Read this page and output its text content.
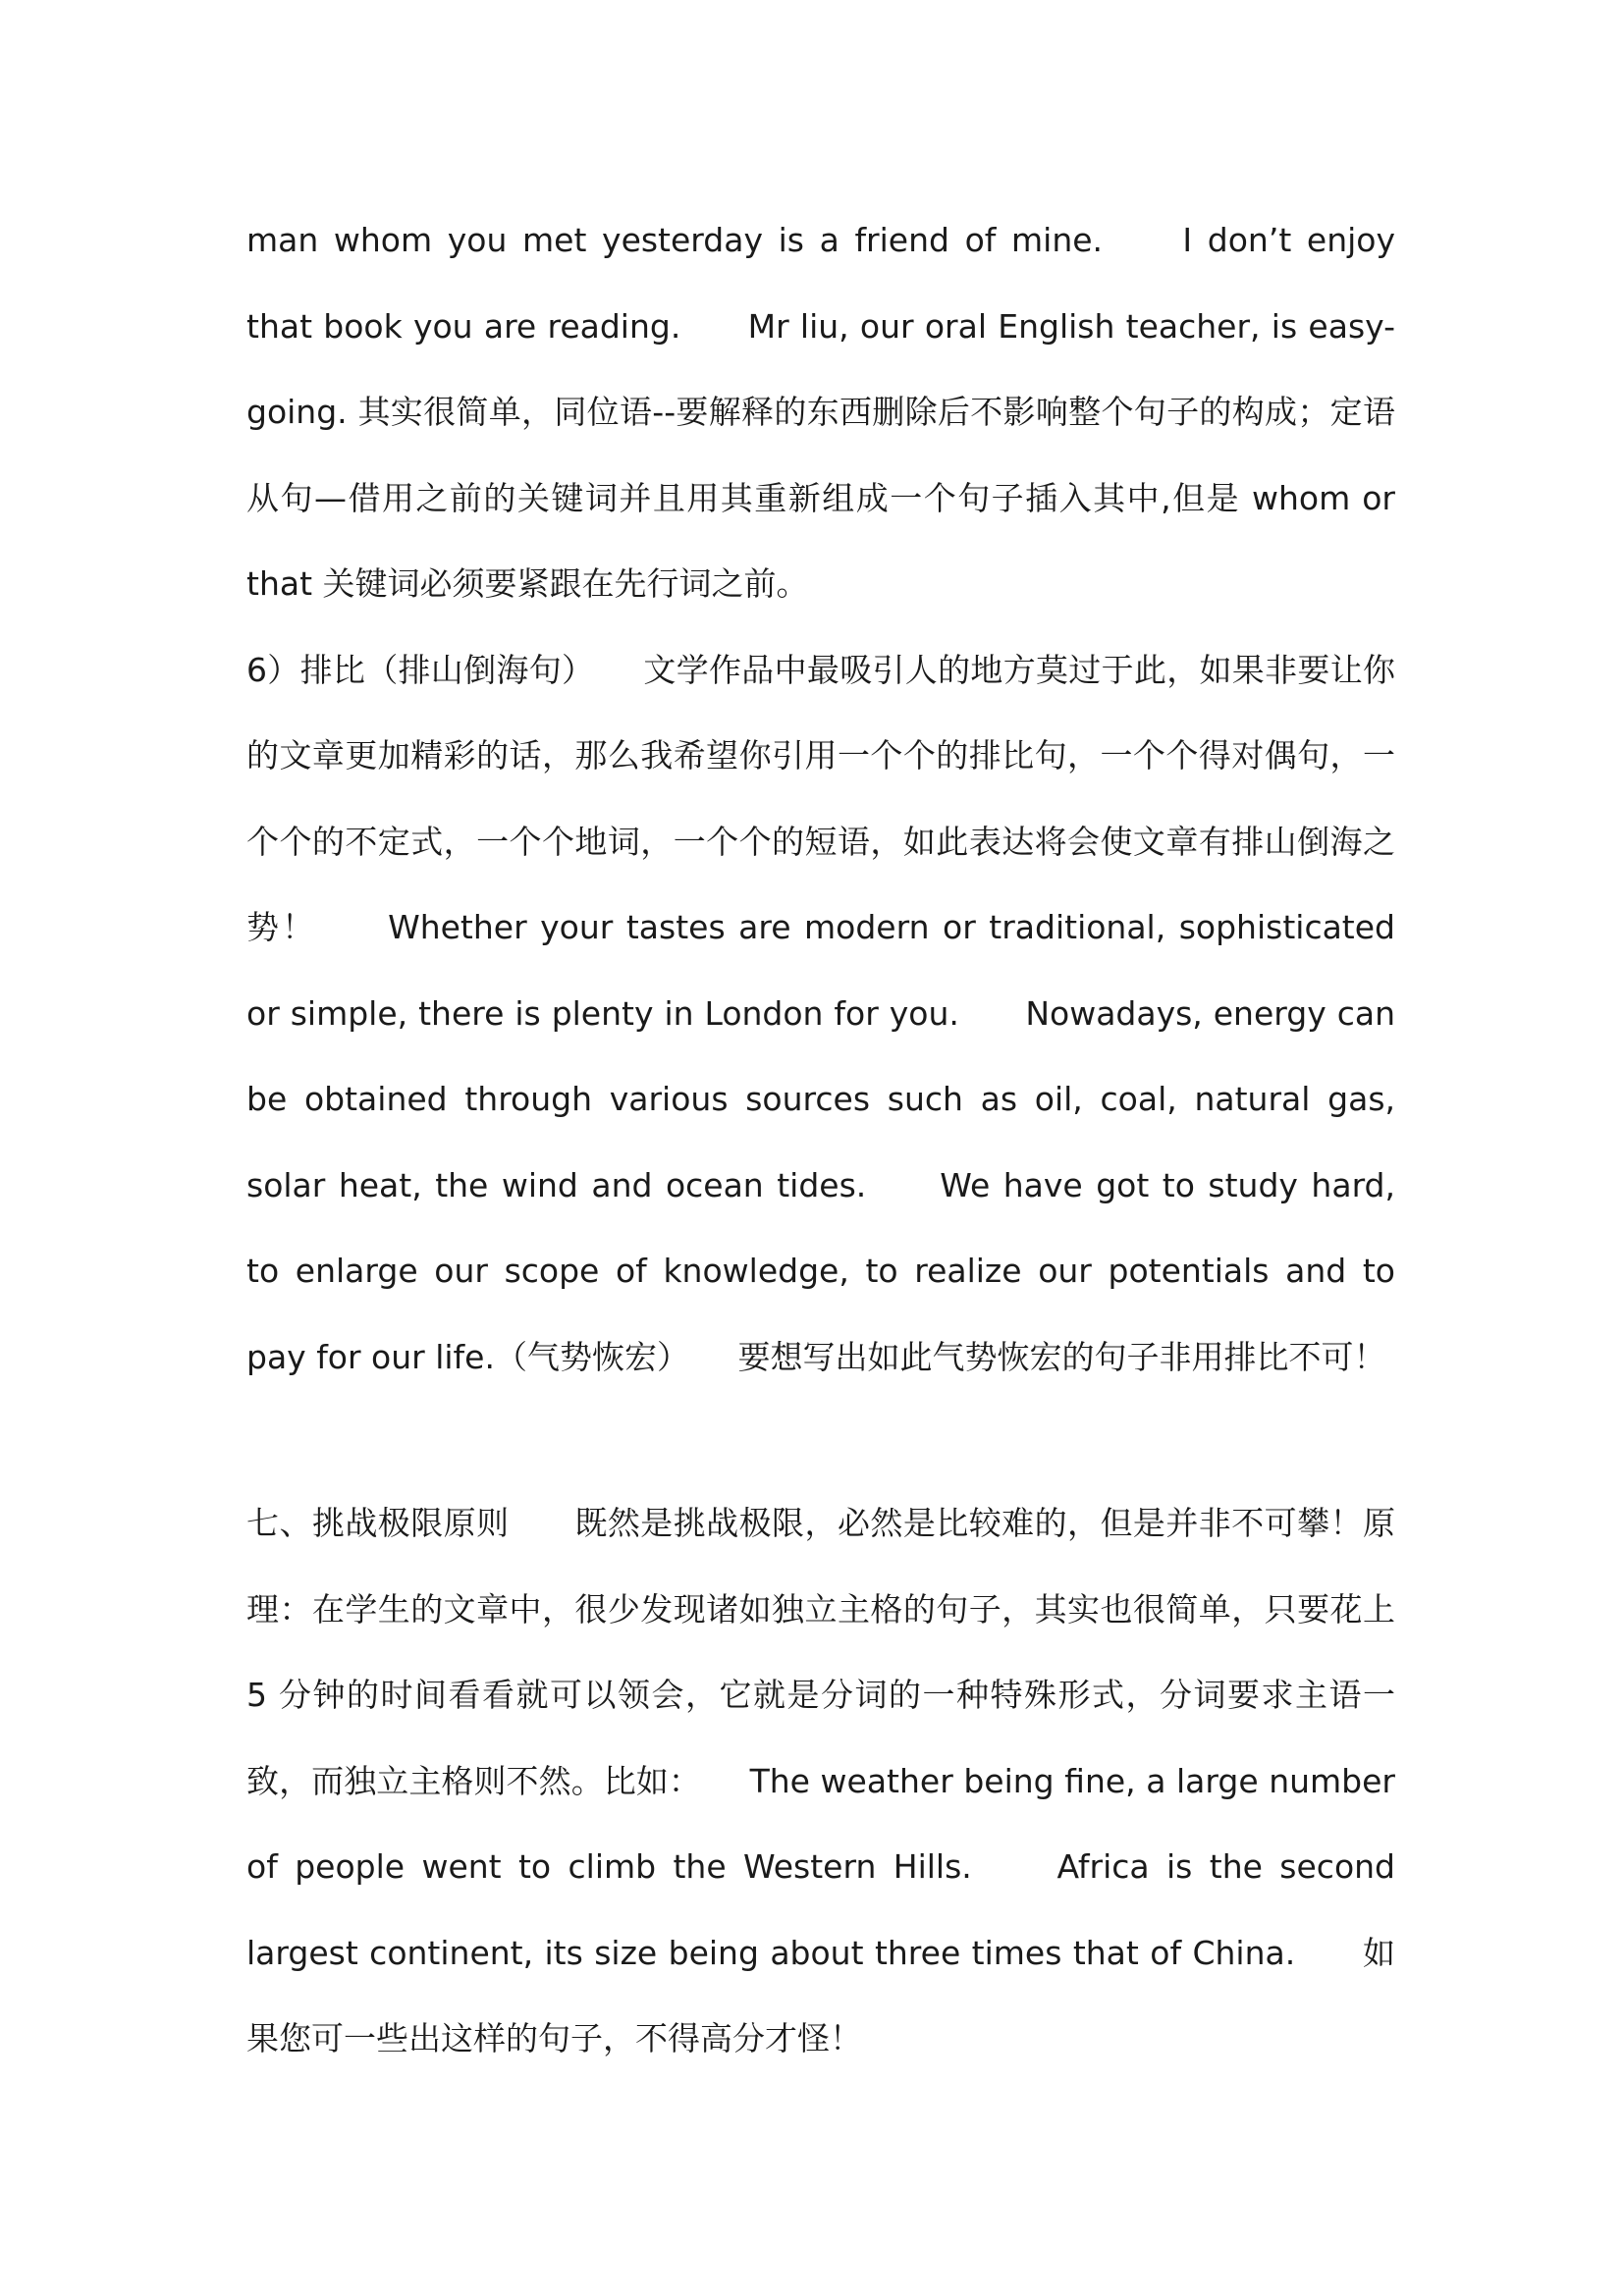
man whom you met yesterday is a friend of mine.　　I don’t enjoy that book you are reading.　　Mr liu, our oral English teacher, is easy-going. 其实很简单，同位语--要解释的东西删除后不影响整个句子的构成；定语从句—借用之前的关键词并且用其重新组成一个句子插入其中,但是 whom or that 关键词必须要紧跟在先行词之前。

6）排比（排山倒海句）　　文学作品中最吸引人的地方莫过于此，如果非要让你的文章更加精彩的话，那么我希望你引用一个个的排比句，一个个得对偶句，一个个的不定式，一个个地词，一个个的短语，如此表达将会使文章有排山倒海之势！　　Whether your tastes are modern or traditional, sophisticated or simple, there is plenty in London for you.　　Nowadays, energy can be obtained through various sources such as oil, coal, natural gas, solar heat, the wind and ocean tides.　　We have got to study hard, to enlarge our scope of knowledge, to realize our potentials and to pay for our life.（气势恢宏）　　要想写出如此气势恢宏的句子非用排比不可！

七、挑战极限原则　　既然是挑战极限，必然是比较难的，但是并非不可攀！原理：在学生的文章中，很少发现诸如独立主格的句子，其实也很简单，只要花上 5 分钟的时间看看就可以领会，它就是分词的一种特殊形式，分词要求主语一致，而独立主格则不然。比如：　　The weather being fine, a large number of people went to climb the Western Hills.　　Africa is the second largest continent, its size being about three times that of China.　　如果您可一些出这样的句子，不得高分才怪！
